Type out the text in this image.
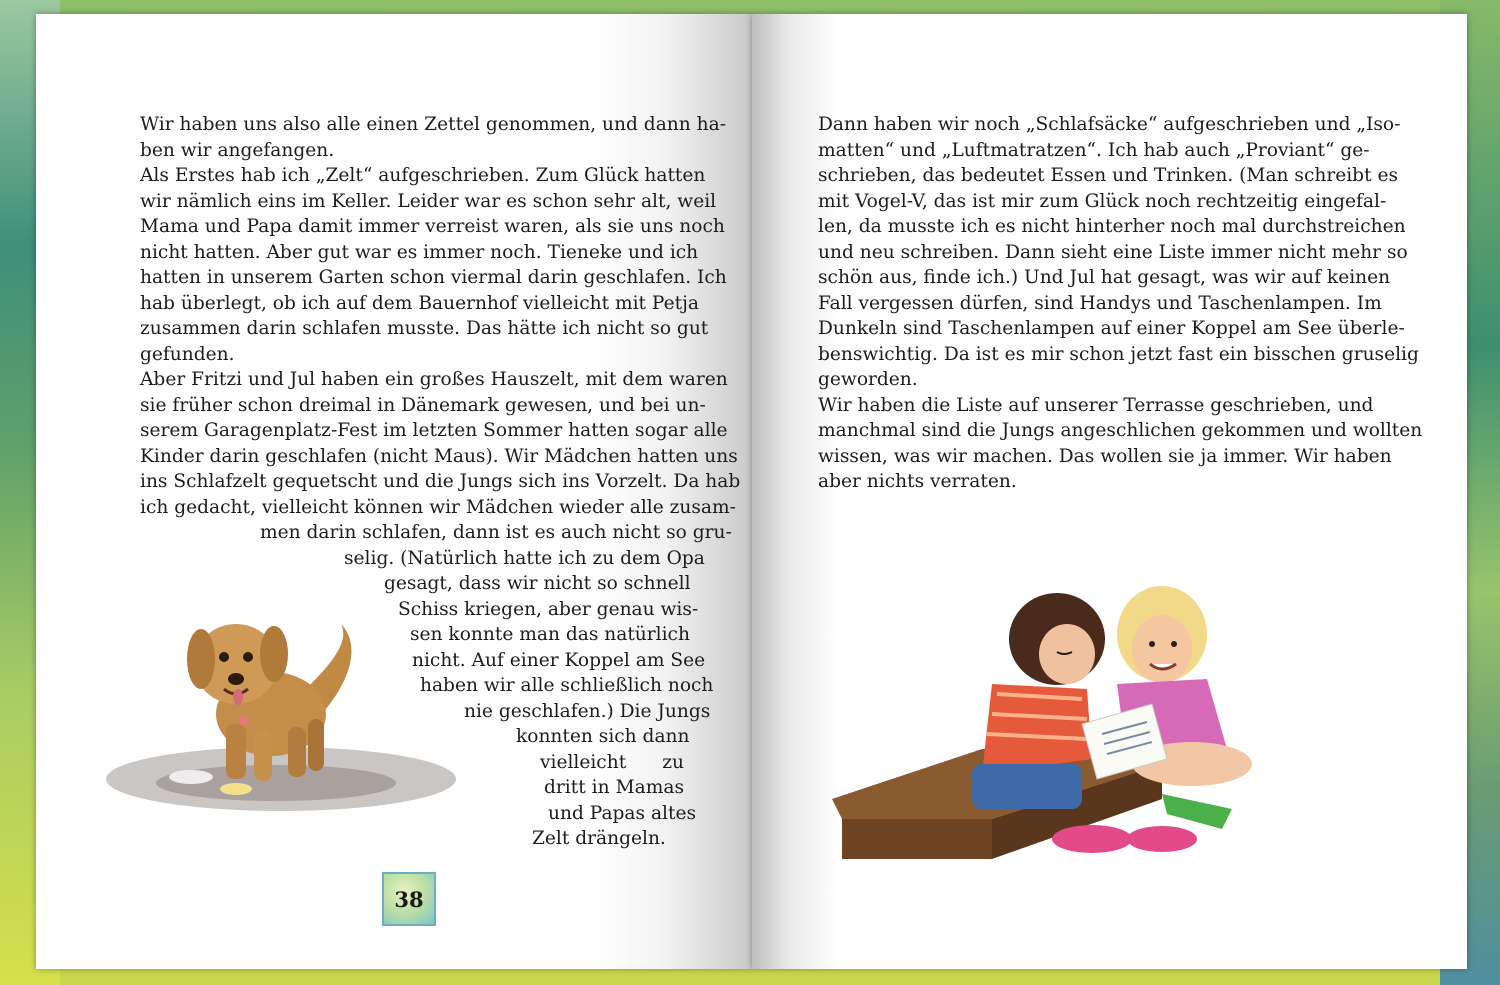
Wir haben uns also alle einen Zettel genommen, und dann ha-
ben wir angefangen.
Als Erstes hab ich „Zelt“ aufgeschrieben. Zum Glück hatten
wir nämlich eins im Keller. Leider war es schon sehr alt, weil
Mama und Papa damit immer verreist waren, als sie uns noch
nicht hatten. Aber gut war es immer noch. Tieneke und ich
hatten in unserem Garten schon viermal darin geschlafen. Ich
hab überlegt, ob ich auf dem Bauernhof vielleicht mit Petja
zusammen darin schlafen musste. Das hätte ich nicht so gut
gefunden.
Aber Fritzi und Jul haben ein großes Hauszelt, mit dem waren
sie früher schon dreimal in Dänemark gewesen, und bei un-
serem Garagenplatz-Fest im letzten Sommer hatten sogar alle
Kinder darin geschlafen (nicht Maus). Wir Mädchen hatten uns
ins Schlafzelt gequetscht und die Jungs sich ins Vorzelt. Da hab
ich gedacht, vielleicht können wir Mädchen wieder alle zusam-
men darin schlafen, dann ist es auch nicht so gru-
selig. (Natürlich hatte ich zu dem Opa
gesagt, dass wir nicht so schnell
Schiss kriegen, aber genau wis-
sen konnte man das natürlich
nicht. Auf einer Koppel am See
haben wir alle schließlich noch
nie geschlafen.) Die Jungs
konnten sich dann
vielleicht zu
dritt in Mamas
und Papas altes
Zelt drängeln.
38
Dann haben wir noch „Schlafsäcke“ aufgeschrieben und „Iso-
matten“ und „Luftmatratzen“. Ich hab auch „Proviant“ ge-
schrieben, das bedeutet Essen und Trinken. (Man schreibt es
mit Vogel-V, das ist mir zum Glück noch rechtzeitig eingefal-
len, da musste ich es nicht hinterher noch mal durchstreichen
und neu schreiben. Dann sieht eine Liste immer nicht mehr so
schön aus, finde ich.) Und Jul hat gesagt, was wir auf keinen
Fall vergessen dürfen, sind Handys und Taschenlampen. Im
Dunkeln sind Taschenlampen auf einer Koppel am See überle-
benswichtig. Da ist es mir schon jetzt fast ein bisschen gruselig
geworden.
Wir haben die Liste auf unserer Terrasse geschrieben, und
manchmal sind die Jungs angeschlichen gekommen und wollten
wissen, was wir machen. Das wollen sie ja immer. Wir haben
aber nichts verraten.
